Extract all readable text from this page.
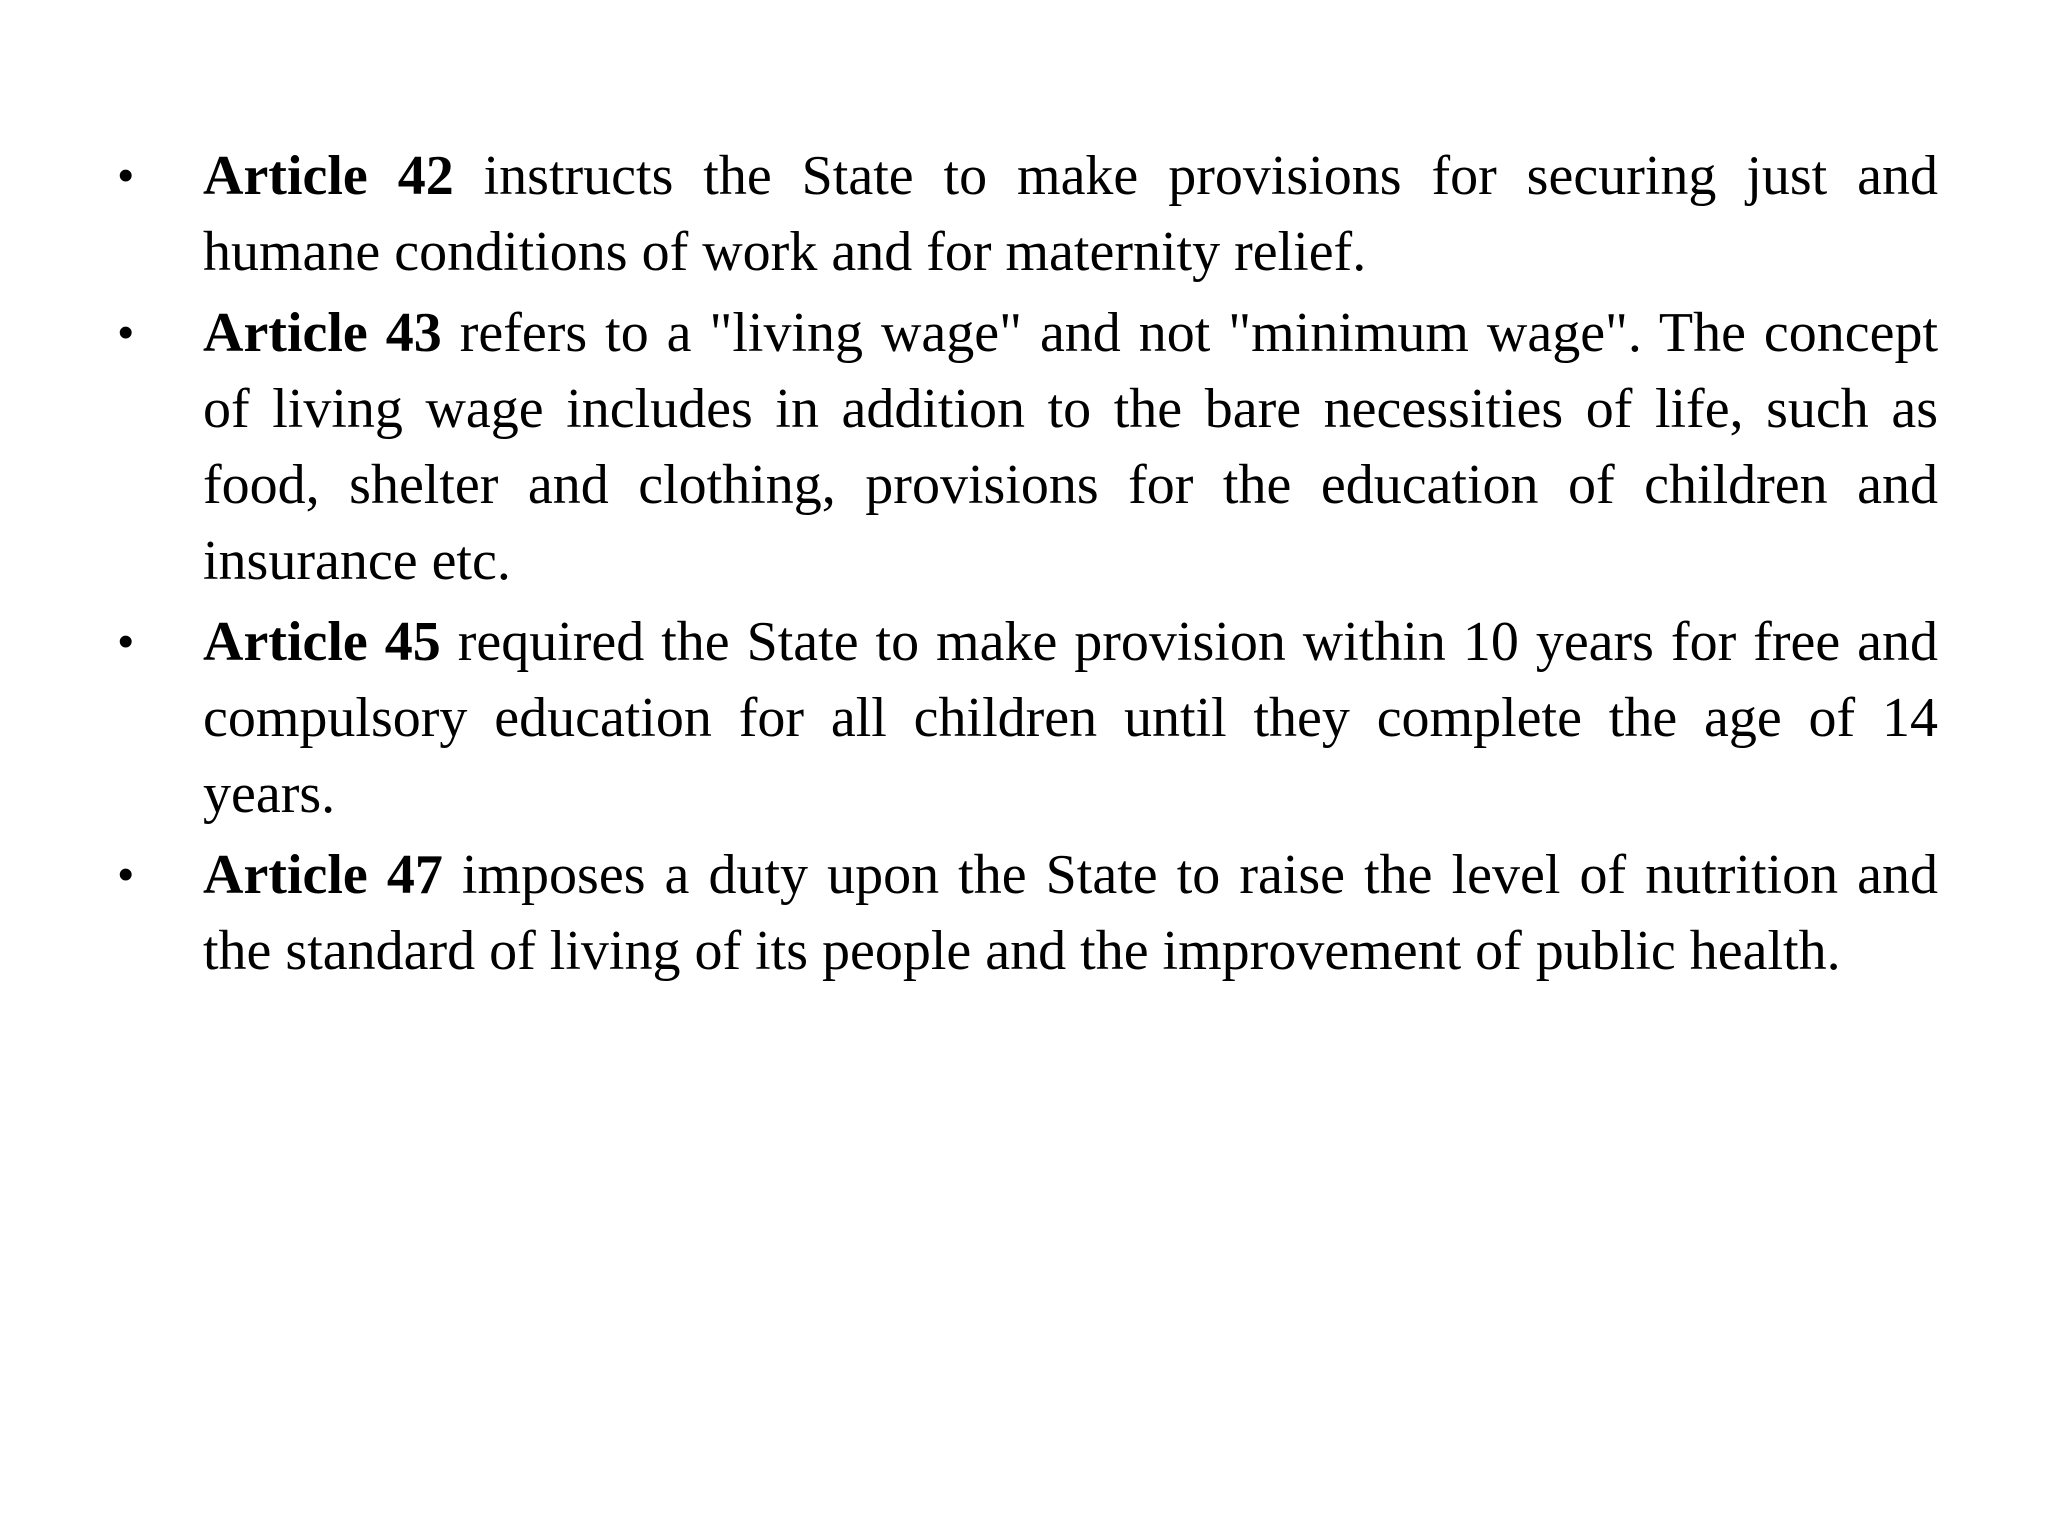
• Article 42 instructs the State to make provisions for securing just and humane conditions of work and for maternity relief.
• Article 43 refers to a "living wage" and not "minimum wage". The concept of living wage includes in addition to the bare necessities of life, such as food, shelter and clothing, provisions for the education of children and insurance etc.
• Article 45 required the State to make provision within 10 years for free and compulsory education for all children until they complete the age of 14 years.
• Article 47 imposes a duty upon the State to raise the level of nutrition and the standard of living of its people and the improvement of public health.
